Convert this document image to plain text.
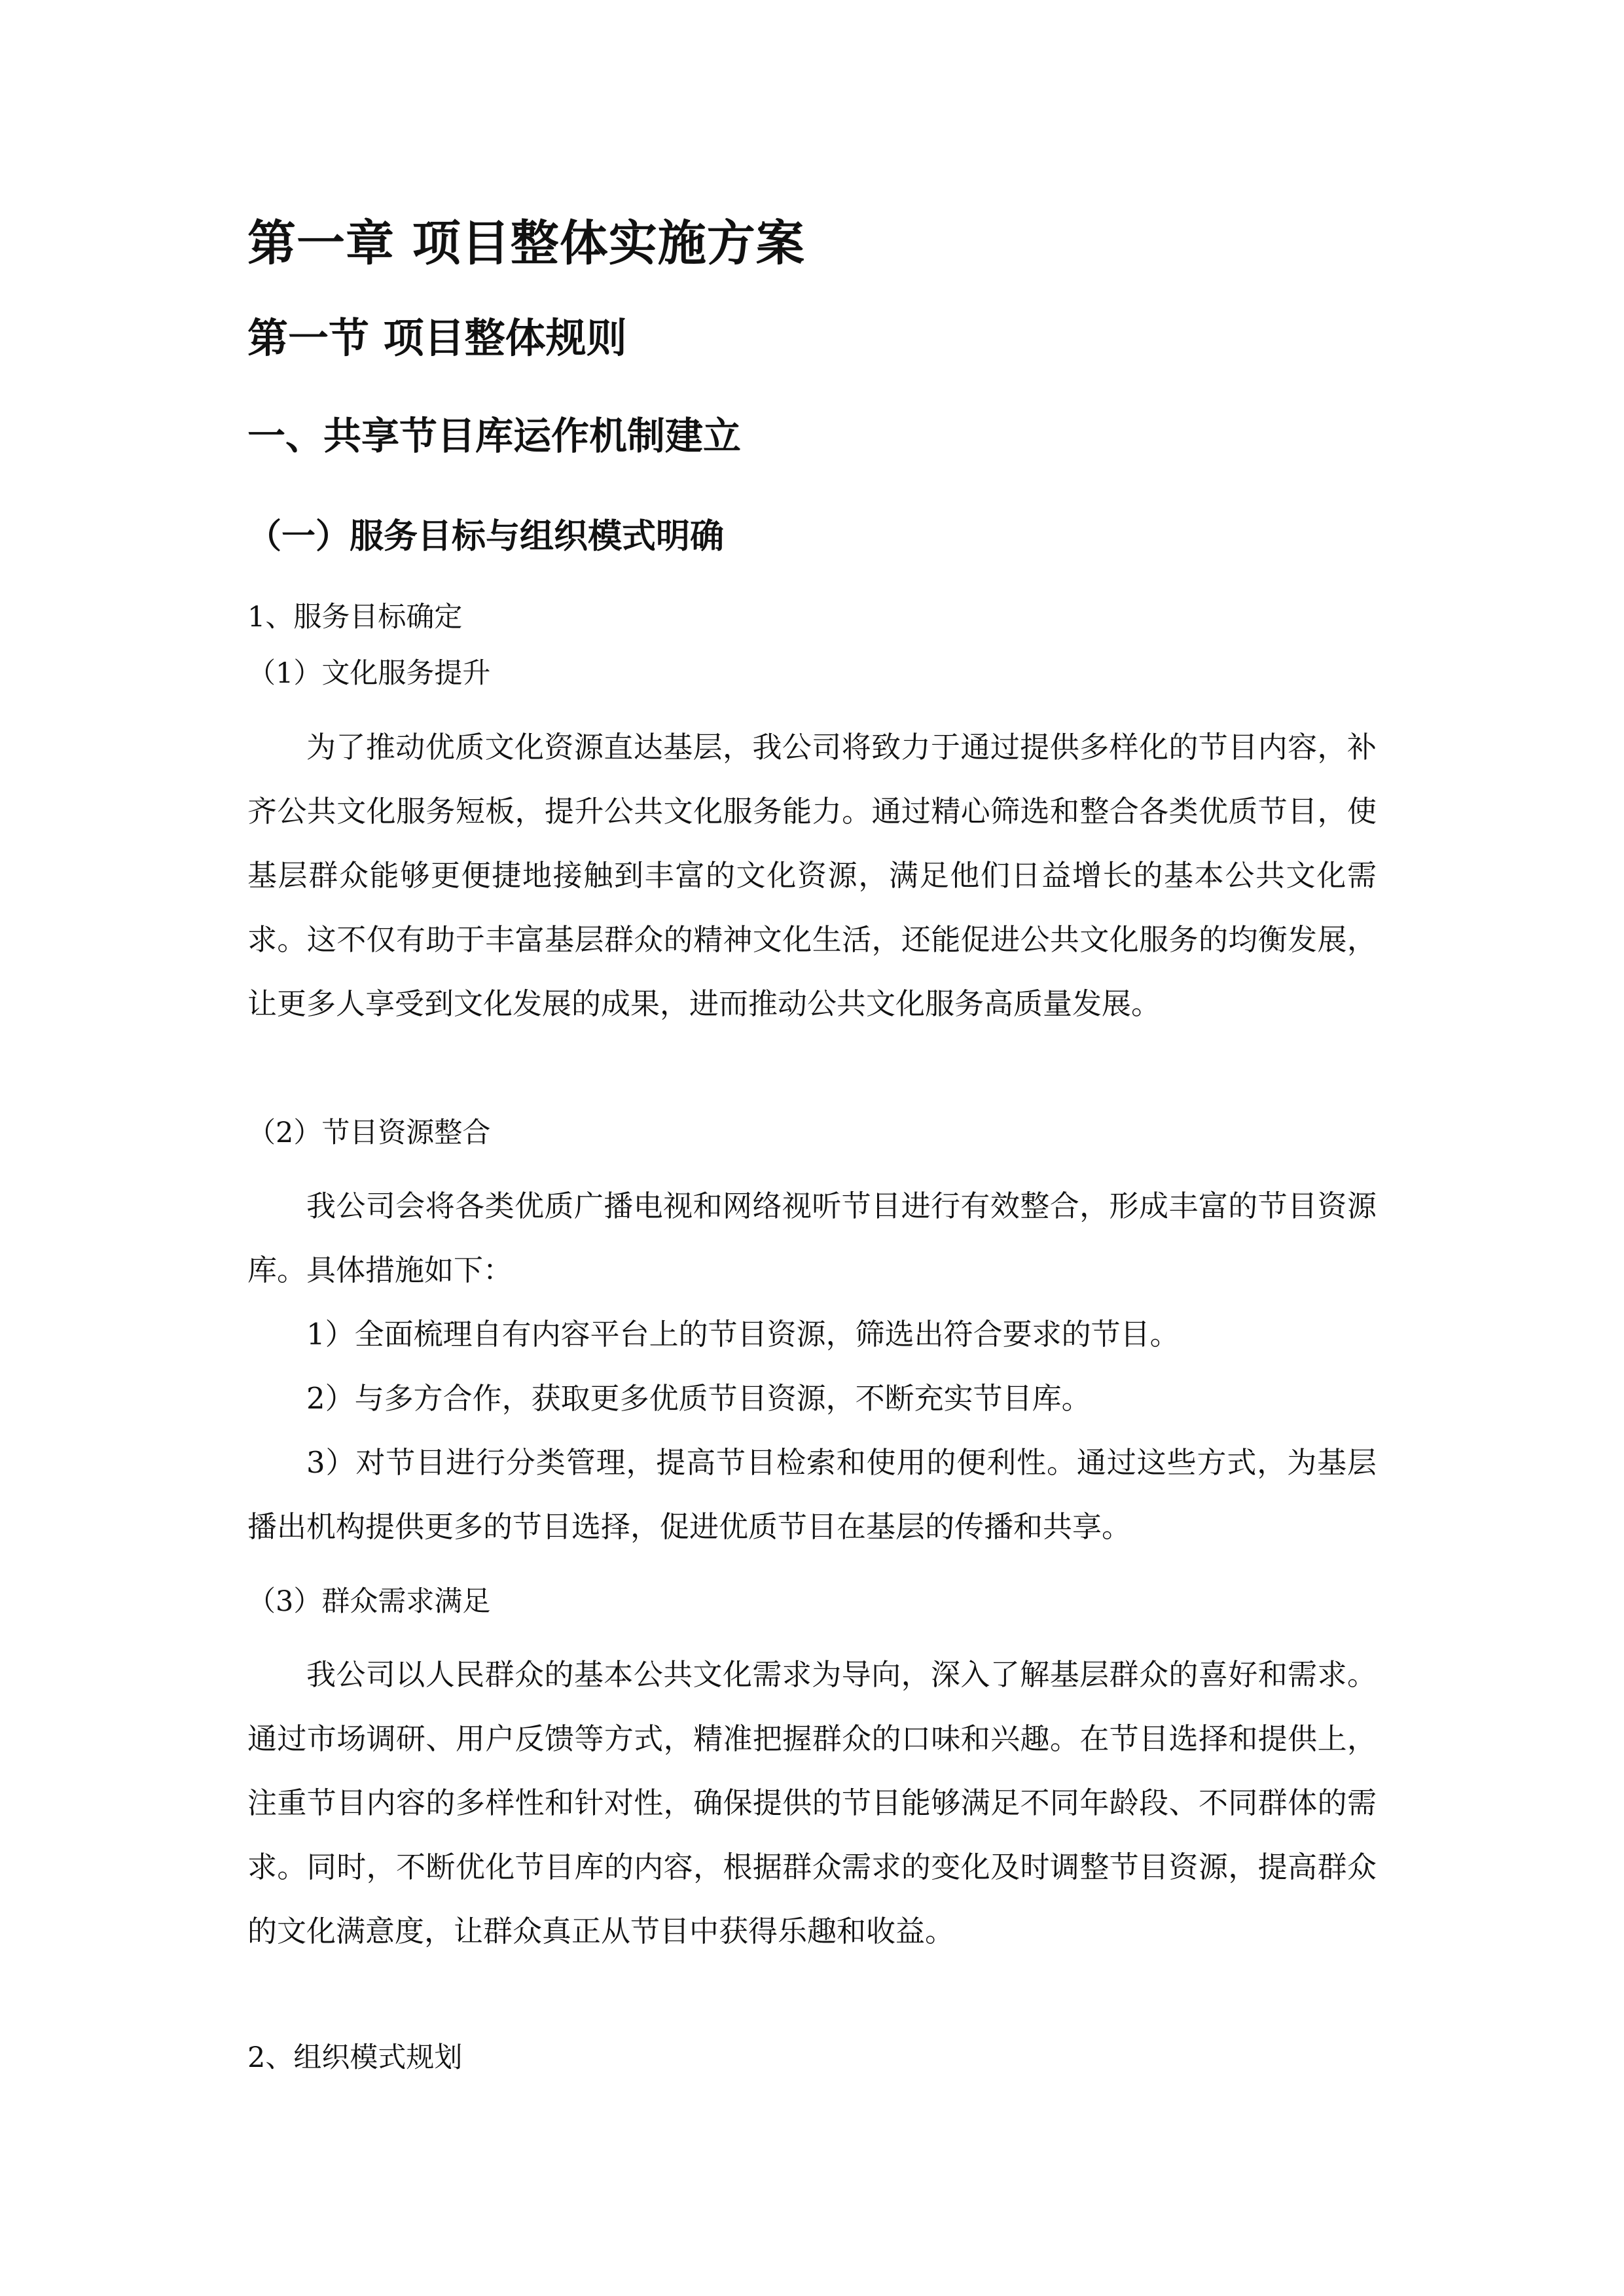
第一章 项目整体实施方案
第一节 项目整体规则
一、共享节目库运作机制建立
（一）服务目标与组织模式明确
1、服务目标确定
（1）文化服务提升

为了推动优质文化资源直达基层，我公司将致力于通过提供多样化的节目内容，补齐公共文化服务短板，提升公共文化服务能力。通过精心筛选和整合各类优质节目，使基层群众能够更便捷地接触到丰富的文化资源，满足他们日益增长的基本公共文化需求。这不仅有助于丰富基层群众的精神文化生活，还能促进公共文化服务的均衡发展，让更多人享受到文化发展的成果，进而推动公共文化服务高质量发展。

（2）节目资源整合

我公司会将各类优质广播电视和网络视听节目进行有效整合，形成丰富的节目资源库。具体措施如下：

1）全面梳理自有内容平台上的节目资源，筛选出符合要求的节目。

2）与多方合作，获取更多优质节目资源，不断充实节目库。

3）对节目进行分类管理，提高节目检索和使用的便利性。通过这些方式，为基层播出机构提供更多的节目选择，促进优质节目在基层的传播和共享。

（3）群众需求满足

我公司以人民群众的基本公共文化需求为导向，深入了解基层群众的喜好和需求。通过市场调研、用户反馈等方式，精准把握群众的口味和兴趣。在节目选择和提供上，注重节目内容的多样性和针对性，确保提供的节目能够满足不同年龄段、不同群体的需求。同时，不断优化节目库的内容，根据群众需求的变化及时调整节目资源，提高群众的文化满意度，让群众真正从节目中获得乐趣和收益。

2、组织模式规划
